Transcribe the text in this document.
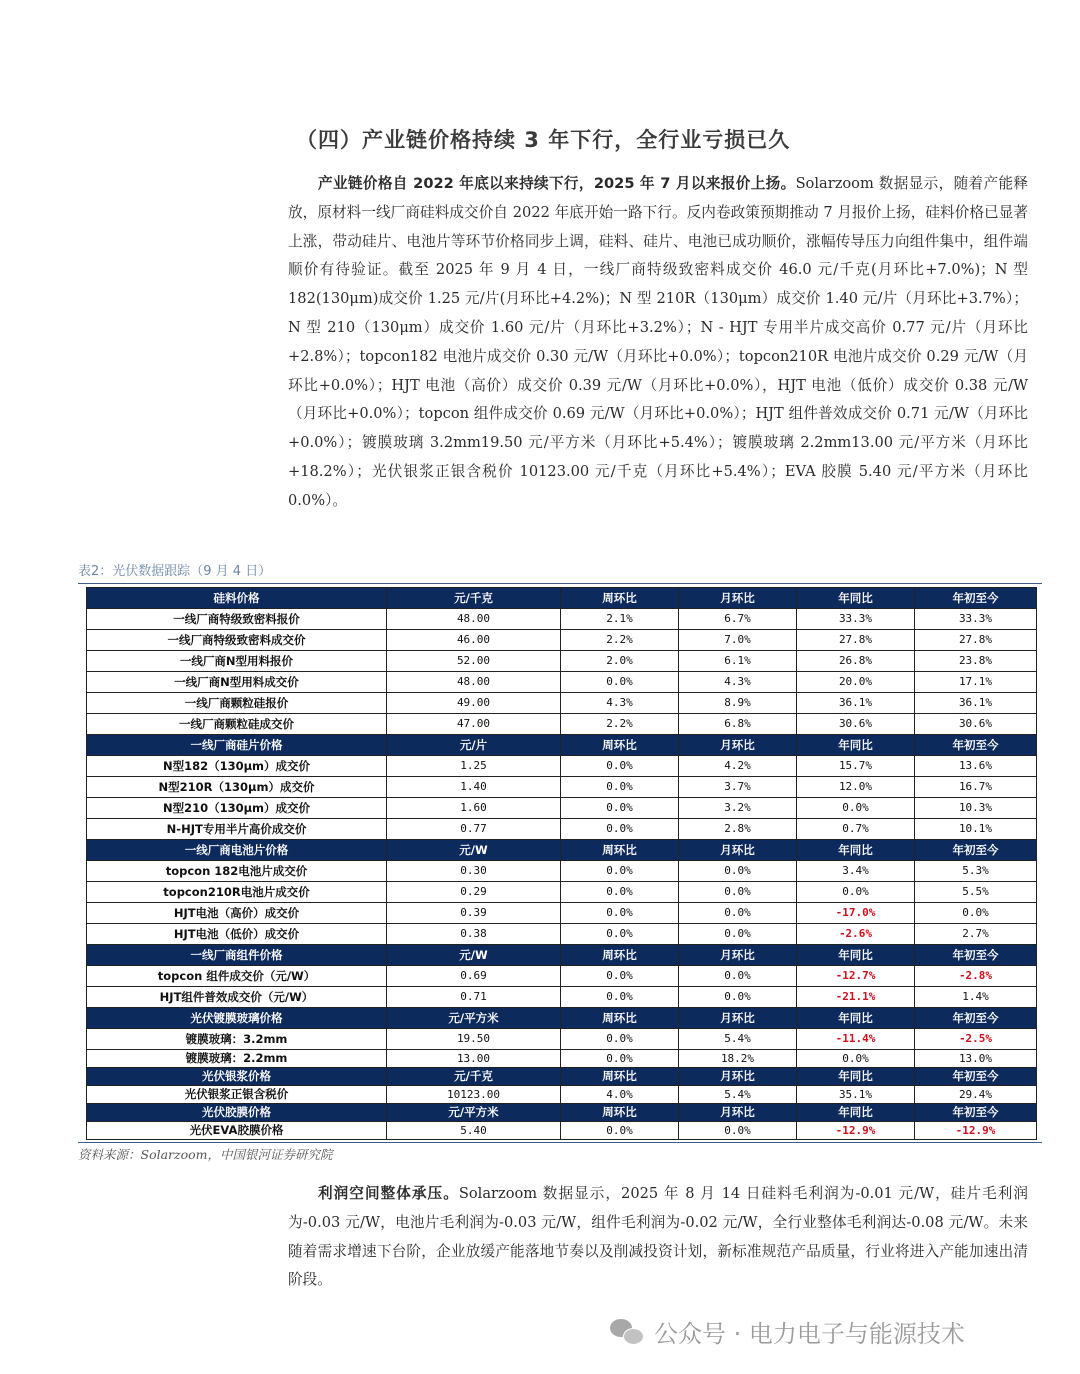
（四）产业链价格持续 3 年下行，全行业亏损已久

产业链价格自 2022 年底以来持续下行，2025 年 7 月以来报价上扬。Solarzoom 数据显示，随着产能释放，原材料一线厂商硅料成交价自 2022 年底开始一路下行。反内卷政策预期推动 7 月报价上扬，硅料价格已显著上涨，带动硅片、电池片等环节价格同步上调，硅料、硅片、电池已成功顺价，涨幅传导压力向组件集中，组件端顺价有待验证。截至 2025 年 9 月 4 日，一线厂商特级致密料成交价 46.0 元/千克(月环比+7.0%)；N 型 182(130μm)成交价 1.25 元/片(月环比+4.2%)；N 型 210R（130μm）成交价 1.40 元/片（月环比+3.7%）；N 型 210（130μm）成交价 1.60 元/片（月环比+3.2%）；N - HJT 专用半片成交高价 0.77 元/片（月环比+2.8%）；topcon182 电池片成交价 0.30 元/W（月环比+0.0%）；topcon210R 电池片成交价 0.29 元/W（月环比+0.0%）；HJT 电池（高价）成交价 0.39 元/W（月环比+0.0%），HJT 电池（低价）成交价 0.38 元/W（月环比+0.0%）；topcon 组件成交价 0.69 元/W（月环比+0.0%）；HJT 组件普效成交价 0.71 元/W（月环比+0.0%）；镀膜玻璃 3.2mm19.50 元/平方米（月环比+5.4%）；镀膜玻璃 2.2mm13.00 元/平方米（月环比+18.2%）；光伏银浆正银含税价 10123.00 元/千克（月环比+5.4%）；EVA 胶膜 5.40 元/平方米（月环比 0.0%）。

表2：光伏数据跟踪（9 月 4 日）
硅料价格	元/千克	周环比	月环比	年同比	年初至今
一线厂商特级致密料报价	48.00	2.1%	6.7%	33.3%	33.3%
一线厂商特级致密料成交价	46.00	2.2%	7.0%	27.8%	27.8%
一线厂商N型用料报价	52.00	2.0%	6.1%	26.8%	23.8%
一线厂商N型用料成交价	48.00	0.0%	4.3%	20.0%	17.1%
一线厂商颗粒硅报价	49.00	4.3%	8.9%	36.1%	36.1%
一线厂商颗粒硅成交价	47.00	2.2%	6.8%	30.6%	30.6%
一线厂商硅片价格	元/片	周环比	月环比	年同比	年初至今
N型182（130μm）成交价	1.25	0.0%	4.2%	15.7%	13.6%
N型210R（130μm）成交价	1.40	0.0%	3.7%	12.0%	16.7%
N型210（130μm）成交价	1.60	0.0%	3.2%	0.0%	10.3%
N-HJT专用半片高价成交价	0.77	0.0%	2.8%	0.7%	10.1%
一线厂商电池片价格	元/W	周环比	月环比	年同比	年初至今
topcon 182电池片成交价	0.30	0.0%	0.0%	3.4%	5.3%
topcon210R电池片成交价	0.29	0.0%	0.0%	0.0%	5.5%
HJT电池（高价）成交价	0.39	0.0%	0.0%	-17.0%	0.0%
HJT电池（低价）成交价	0.38	0.0%	0.0%	-2.6%	2.7%
一线厂商组件价格	元/W	周环比	月环比	年同比	年初至今
topcon 组件成交价（元/W）	0.69	0.0%	0.0%	-12.7%	-2.8%
HJT组件普效成交价（元/W）	0.71	0.0%	0.0%	-21.1%	1.4%
光伏镀膜玻璃价格	元/平方米	周环比	月环比	年同比	年初至今
镀膜玻璃：3.2mm	19.50	0.0%	5.4%	-11.4%	-2.5%
镀膜玻璃：2.2mm	13.00	0.0%	18.2%	0.0%	13.0%
光伏银浆价格	元/千克	周环比	月环比	年同比	年初至今
光伏银浆正银含税价	10123.00	4.0%	5.4%	35.1%	29.4%
光伏胶膜价格	元/平方米	周环比	月环比	年同比	年初至今
光伏EVA胶膜价格	5.40	0.0%	0.0%	-12.9%	-12.9%
资料来源：Solarzoom，中国银河证券研究院

利润空间整体承压。Solarzoom 数据显示，2025 年 8 月 14 日硅料毛利润为-0.01 元/W，硅片毛利润为-0.03 元/W，电池片毛利润为-0.03 元/W，组件毛利润为-0.02 元/W，全行业整体毛利润达-0.08 元/W。未来随着需求增速下台阶，企业放缓产能落地节奏以及削减投资计划，新标准规范产品质量，行业将进入产能加速出清阶段。

公众号 · 电力电子与能源技术
